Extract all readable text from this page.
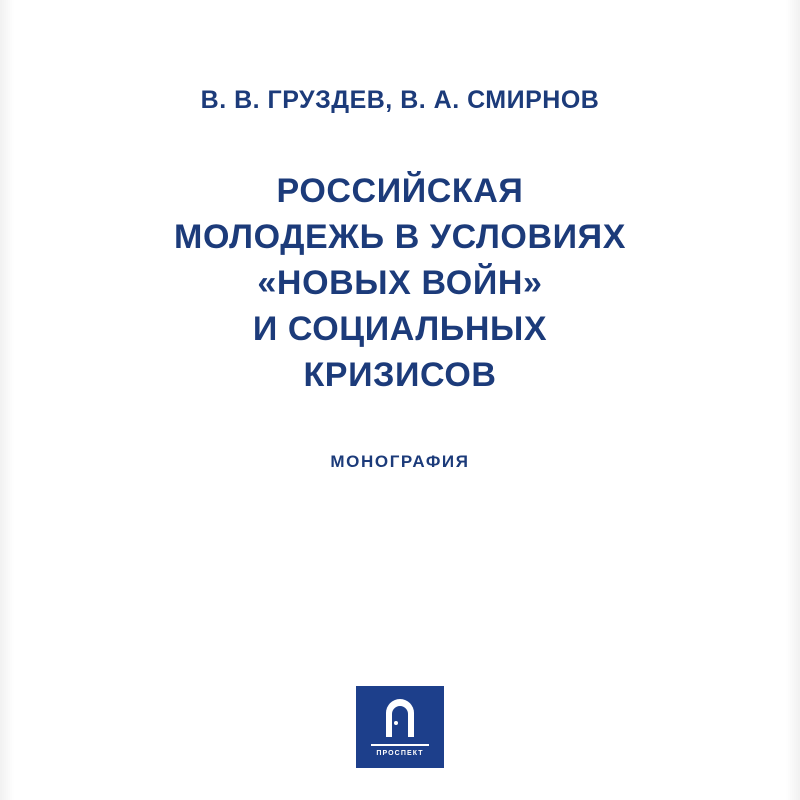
В. В. ГРУЗДЕВ, В. А. СМИРНОВ
РОССИЙСКАЯ
МОЛОДЕЖЬ В УСЛОВИЯХ
«НОВЫХ ВОЙН»
И СОЦИАЛЬНЫХ
КРИЗИСОВ
МОНОГРАФИЯ
ПРОСПЕКТ
